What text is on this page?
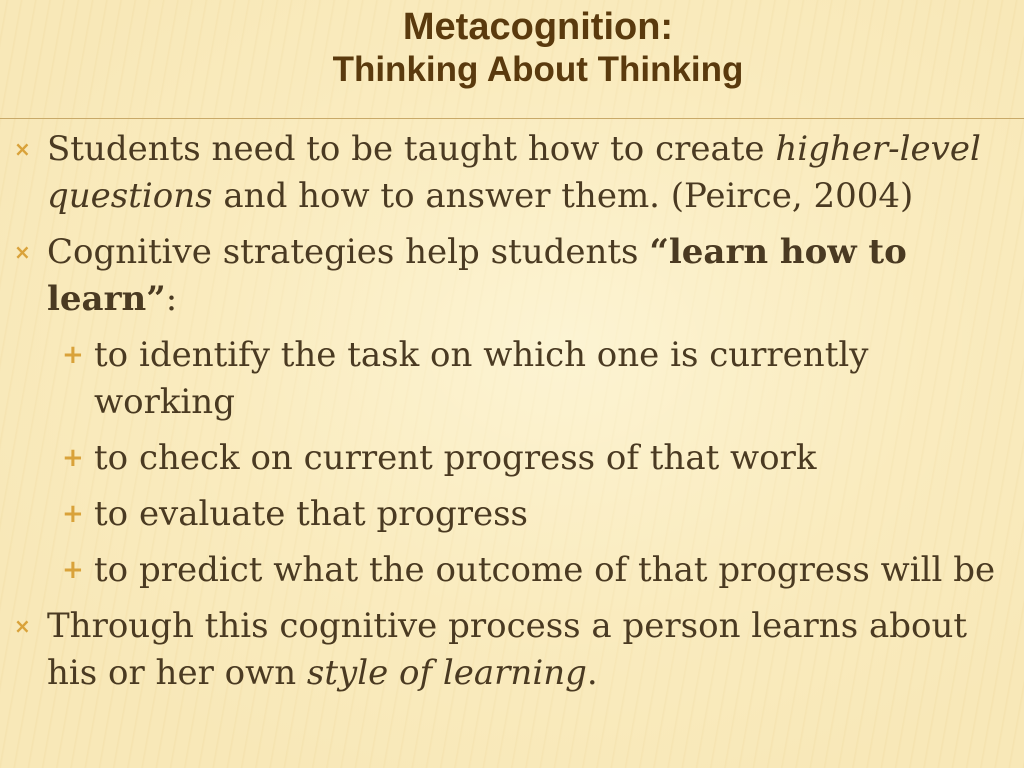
Metacognition:
Thinking About Thinking
× Students need to be taught how to create higher-level questions and how to answer them. (Peirce, 2004)
× Cognitive strategies help students “learn how to learn”:
+ to identify the task on which one is currently working
+ to check on current progress of that work
+ to evaluate that progress
+ to predict what the outcome of that progress will be
× Through this cognitive process a person learns about his or her own style of learning.
